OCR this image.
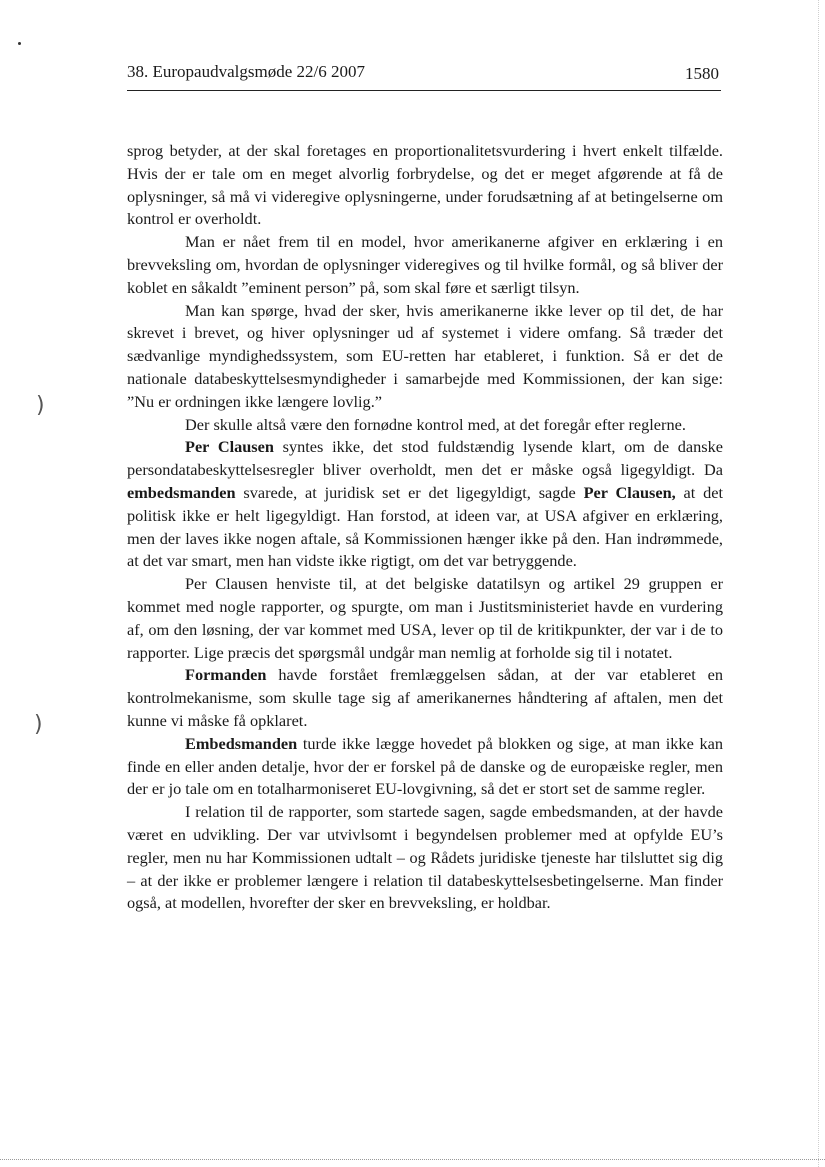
38. Europaudvalgsmøde 22/6 2007	1580

sprog betyder, at der skal foretages en proportionalitetsvurdering i hvert enkelt tilfælde. Hvis der er tale om en meget alvorlig forbrydelse, og det er meget afgørende at få de oplysninger, så må vi videregive oplysningerne, under forudsætning af at betingelserne om kontrol er overholdt.

Man er nået frem til en model, hvor amerikanerne afgiver en erklæring i en brevveksling om, hvordan de oplysninger videregives og til hvilke formål, og så bliver der koblet en såkaldt ”eminent person” på, som skal føre et særligt tilsyn.

Man kan spørge, hvad der sker, hvis amerikanerne ikke lever op til det, de har skrevet i brevet, og hiver oplysninger ud af systemet i videre omfang. Så træder det sædvanlige myndighedssystem, som EU-retten har etableret, i funktion. Så er det de nationale databeskyttelsesmyndigheder i samarbejde med Kommissionen, der kan sige: ”Nu er ordningen ikke længere lovlig.”

Der skulle altså være den fornødne kontrol med, at det foregår efter reglerne.

Per Clausen syntes ikke, det stod fuldstændig lysende klart, om de danske persondatabeskyttelsesregler bliver overholdt, men det er måske også ligegyldigt. Da embedsmanden svarede, at juridisk set er det ligegyldigt, sagde Per Clausen, at det politisk ikke er helt ligegyldigt. Han forstod, at ideen var, at USA afgiver en erklæring, men der laves ikke nogen aftale, så Kommissionen hænger ikke på den. Han indrømmede, at det var smart, men han vidste ikke rigtigt, om det var betryggende.

Per Clausen henviste til, at det belgiske datatilsyn og artikel 29 gruppen er kommet med nogle rapporter, og spurgte, om man i Justitsministeriet havde en vurdering af, om den løsning, der var kommet med USA, lever op til de kritikpunkter, der var i de to rapporter. Lige præcis det spørgsmål undgår man nemlig at forholde sig til i notatet.

Formanden havde forstået fremlæggelsen sådan, at der var etableret en kontrolmekanisme, som skulle tage sig af amerikanernes håndtering af aftalen, men det kunne vi måske få opklaret.

Embedsmanden turde ikke lægge hovedet på blokken og sige, at man ikke kan finde en eller anden detalje, hvor der er forskel på de danske og de europæiske regler, men der er jo tale om en totalharmoniseret EU-lovgivning, så det er stort set de samme regler.

I relation til de rapporter, som startede sagen, sagde embedsmanden, at der havde været en udvikling. Der var utvivlsomt i begyndelsen problemer med at opfylde EU’s regler, men nu har Kommissionen udtalt – og Rådets juridiske tjeneste har tilsluttet sig dig – at der ikke er problemer længere i relation til databeskyttelsesbetingelserne. Man finder også, at modellen, hvorefter der sker en brevveksling, er holdbar.

)
)
